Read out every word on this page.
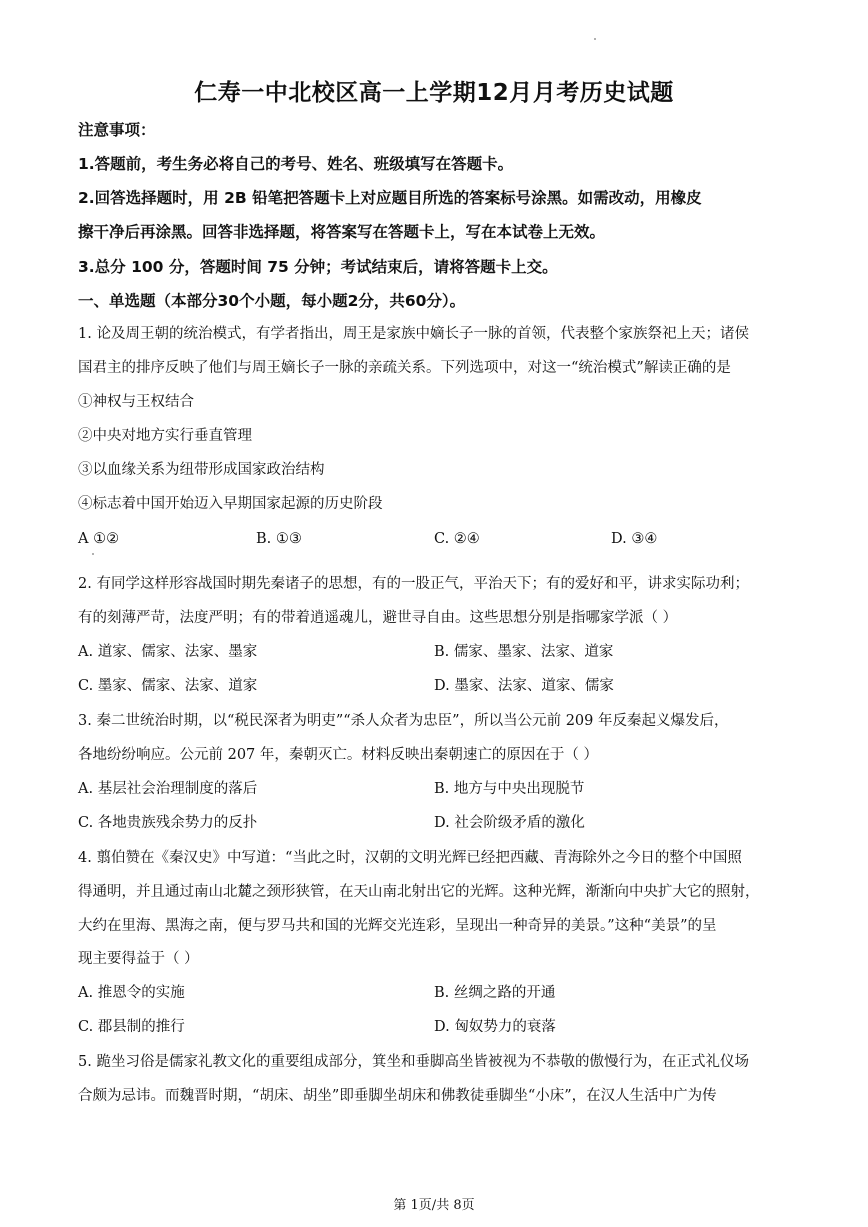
仁寿一中北校区高一上学期12月月考历史试题
注意事项：
1.答题前，考生务必将自己的考号、姓名、班级填写在答题卡。
2.回答选择题时，用 2B 铅笔把答题卡上对应题目所选的答案标号涂黑。如需改动，用橡皮
擦干净后再涂黑。回答非选择题，将答案写在答题卡上，写在本试卷上无效。
3.总分 100 分，答题时间 75 分钟；考试结束后，请将答题卡上交。
一、单选题（本部分30个小题，每小题2分，共60分）。
1. 论及周王朝的统治模式，有学者指出，周王是家族中嫡长子一脉的首领，代表整个家族祭祀上天；诸侯
国君主的排序反映了他们与周王嫡长子一脉的亲疏关系。下列选项中，对这一“统治模式”解读正确的是
①神权与王权结合
②中央对地方实行垂直管理
③以血缘关系为纽带形成国家政治结构
④标志着中国开始迈入早期国家起源的历史阶段
A ①②	B. ①③	C. ②④	D. ③④
2. 有同学这样形容战国时期先秦诸子的思想，有的一股正气，平治天下；有的爱好和平，讲求实际功利；
有的刻薄严苛，法度严明；有的带着逍遥魂儿，避世寻自由。这些思想分别是指哪家学派（ ）
A. 道家、儒家、法家、墨家	B. 儒家、墨家、法家、道家
C. 墨家、儒家、法家、道家	D. 墨家、法家、道家、儒家
3. 秦二世统治时期，以“税民深者为明吏”“杀人众者为忠臣”，所以当公元前 209 年反秦起义爆发后，
各地纷纷响应。公元前 207 年，秦朝灭亡。材料反映出秦朝速亡的原因在于（ ）
A. 基层社会治理制度的落后	B. 地方与中央出现脱节
C. 各地贵族残余势力的反扑	D. 社会阶级矛盾的激化
4. 翦伯赞在《秦汉史》中写道：“当此之时，汉朝的文明光辉已经把西藏、青海除外之今日的整个中国照
得通明，并且通过南山北麓之颈形狭管，在天山南北射出它的光辉。这种光辉，渐渐向中央扩大它的照射，
大约在里海、黑海之南，便与罗马共和国的光辉交光连彩，呈现出一种奇异的美景。”这种“美景”的呈
现主要得益于（ ）
A. 推恩令的实施	B. 丝绸之路的开通
C. 郡县制的推行	D. 匈奴势力的衰落
5. 跪坐习俗是儒家礼教文化的重要组成部分，箕坐和垂脚高坐皆被视为不恭敬的傲慢行为，在正式礼仪场
合颇为忌讳。而魏晋时期，“胡床、胡坐”即垂脚坐胡床和佛教徒垂脚坐“小床”，在汉人生活中广为传
第 1页/共 8页
